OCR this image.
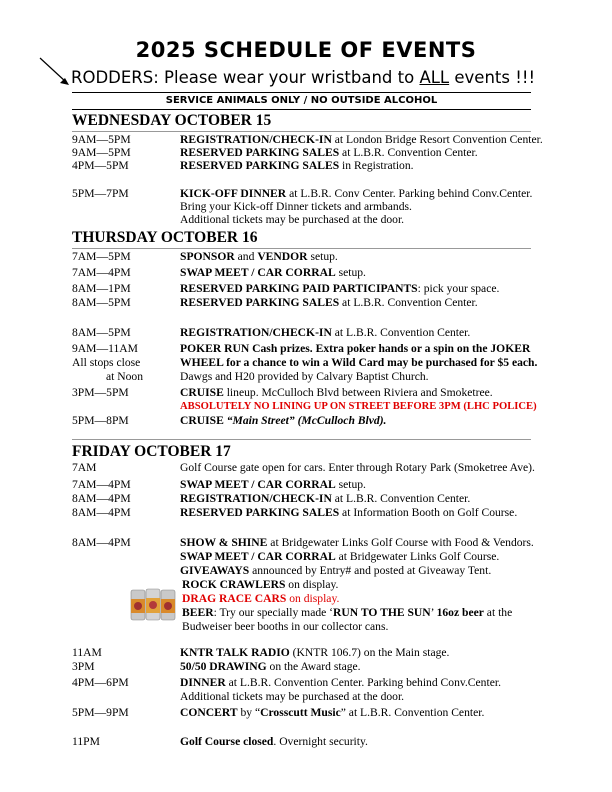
2025 SCHEDULE OF EVENTS
RODDERS: Please wear your wristband to ALL events !!!
SERVICE ANIMALS ONLY / NO OUTSIDE ALCOHOL
WEDNESDAY OCTOBER 15
9AM—5PM	REGISTRATION/CHECK-IN at London Bridge Resort Convention Center.
9AM—5PM	RESERVED PARKING SALES at L.B.R. Convention Center.
4PM—5PM	RESERVED PARKING SALES in Registration.
5PM—7PM	KICK-OFF DINNER at L.B.R. Conv Center. Parking behind Conv.Center.
Bring your Kick-off Dinner tickets and armbands.
Additional tickets may be purchased at the door.
THURSDAY OCTOBER 16
7AM—5PM	SPONSOR and VENDOR setup.
7AM—4PM	SWAP MEET / CAR CORRAL setup.
8AM—1PM	RESERVED PARKING PAID PARTICIPANTS: pick your space.
8AM—5PM	RESERVED PARKING SALES at L.B.R. Convention Center.
8AM—5PM	REGISTRATION/CHECK-IN at L.B.R. Convention Center.
9AM—11AM	POKER RUN Cash prizes. Extra poker hands or a spin on the JOKER
All stops close	WHEEL for a chance to win a Wild Card may be purchased for $5 each.
at Noon	Dawgs and H20 provided by Calvary Baptist Church.
3PM—5PM	CRUISE lineup. McCulloch Blvd between Riviera and Smoketree.
ABSOLUTELY NO LINING UP ON STREET BEFORE 3PM (LHC POLICE)
5PM—8PM	CRUISE “Main Street” (McCulloch Blvd).
FRIDAY OCTOBER 17
7AM	Golf Course gate open for cars. Enter through Rotary Park (Smoketree Ave).
7AM—4PM	SWAP MEET / CAR CORRAL setup.
8AM—4PM	REGISTRATION/CHECK-IN at L.B.R. Convention Center.
8AM—4PM	RESERVED PARKING SALES at Information Booth on Golf Course.
8AM—4PM	SHOW & SHINE at Bridgewater Links Golf Course with Food & Vendors.
SWAP MEET / CAR CORRAL at Bridgewater Links Golf Course.
GIVEAWAYS announced by Entry# and posted at Giveaway Tent.
ROCK CRAWLERS on display.
DRAG RACE CARS on display.
BEER: Try our specially made ‘RUN TO THE SUN’ 16oz beer at the
Budweiser beer booths in our collector cans.
11AM	KNTR TALK RADIO (KNTR 106.7) on the Main stage.
3PM	50/50 DRAWING on the Award stage.
4PM—6PM	DINNER at L.B.R. Convention Center. Parking behind Conv.Center.
Additional tickets may be purchased at the door.
5PM—9PM	CONCERT by “Crosscutt Music” at L.B.R. Convention Center.
11PM	Golf Course closed. Overnight security.
